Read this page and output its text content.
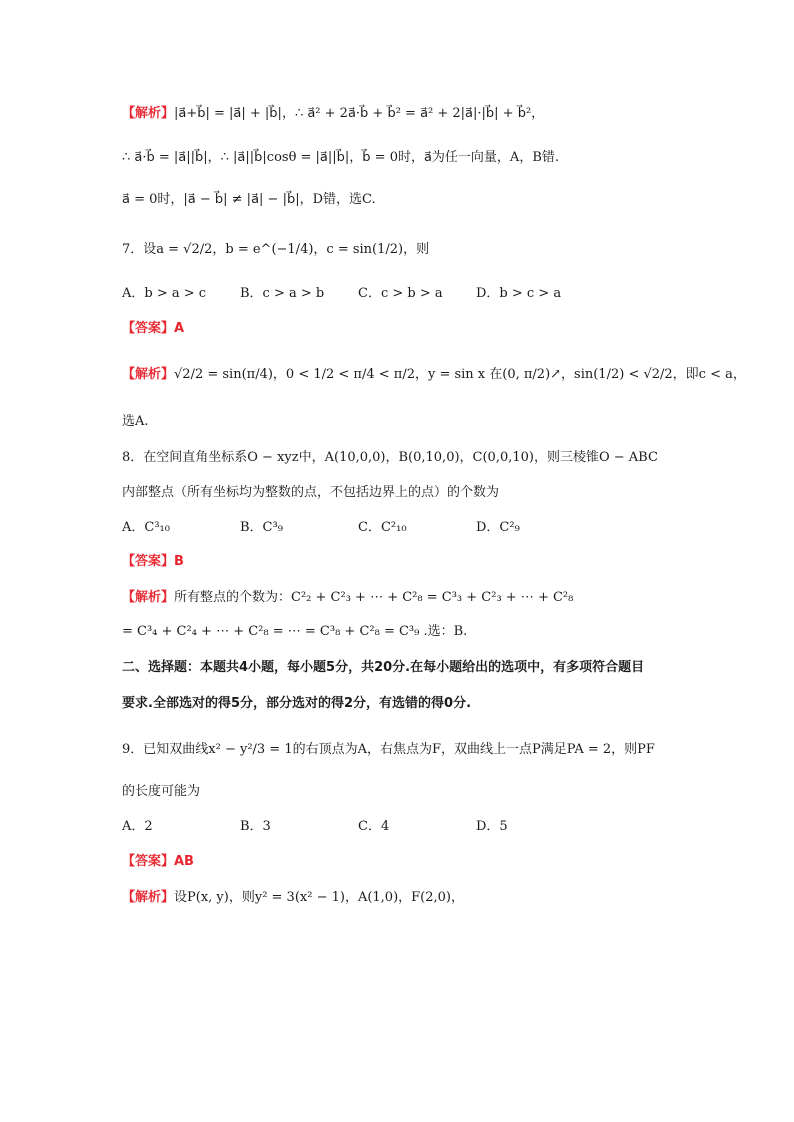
【解析】|a⃗+b⃗| = |a⃗| + |b⃗|，∴ a⃗² + 2a⃗·b⃗ + b⃗² = a⃗² + 2|a⃗|·|b⃗| + b⃗²，
∴ a⃗·b⃗ = |a⃗||b⃗|，∴ |a⃗||b⃗|cosθ = |a⃗||b⃗|，b⃗ = 0时，a⃗为任一向量，A，B错.
a⃗ = 0时，|a⃗ − b⃗| ≠ |a⃗| − |b⃗|，D错，选C.
7．设a = √2/2，b = e^(−1/4)，c = sin(1/2)，则
A．b > a > c	B．c > a > b	C．c > b > a	D．b > c > a
【答案】A
【解析】√2/2 = sin(π/4)，0 < 1/2 < π/4 < π/2，y = sin x 在(0, π/2)↗，sin(1/2) < √2/2，即c < a，
选A.
8．在空间直角坐标系O − xyz中，A(10,0,0)，B(0,10,0)，C(0,0,10)，则三棱锥O − ABC
内部整点（所有坐标均为整数的点，不包括边界上的点）的个数为
A．C³₁₀	B．C³₉	C．C²₁₀	D．C²₉
【答案】B
【解析】所有整点的个数为：C²₂ + C²₃ + ⋯ + C²₈ = C³₃ + C²₃ + ⋯ + C²₈
= C³₄ + C²₄ + ⋯ + C²₈ = ⋯ = C³₈ + C²₈ = C³₉ .选：B.
二、选择题：本题共4小题，每小题5分，共20分.在每小题给出的选项中，有多项符合题目
要求.全部选对的得5分，部分选对的得2分，有选错的得0分.
9．已知双曲线x² − y²/3 = 1的右顶点为A，右焦点为F，双曲线上一点P满足PA = 2，则PF
的长度可能为
A．2	B．3	C．4	D．5
【答案】AB
【解析】设P(x, y)，则y² = 3(x² − 1)，A(1,0)，F(2,0)，
